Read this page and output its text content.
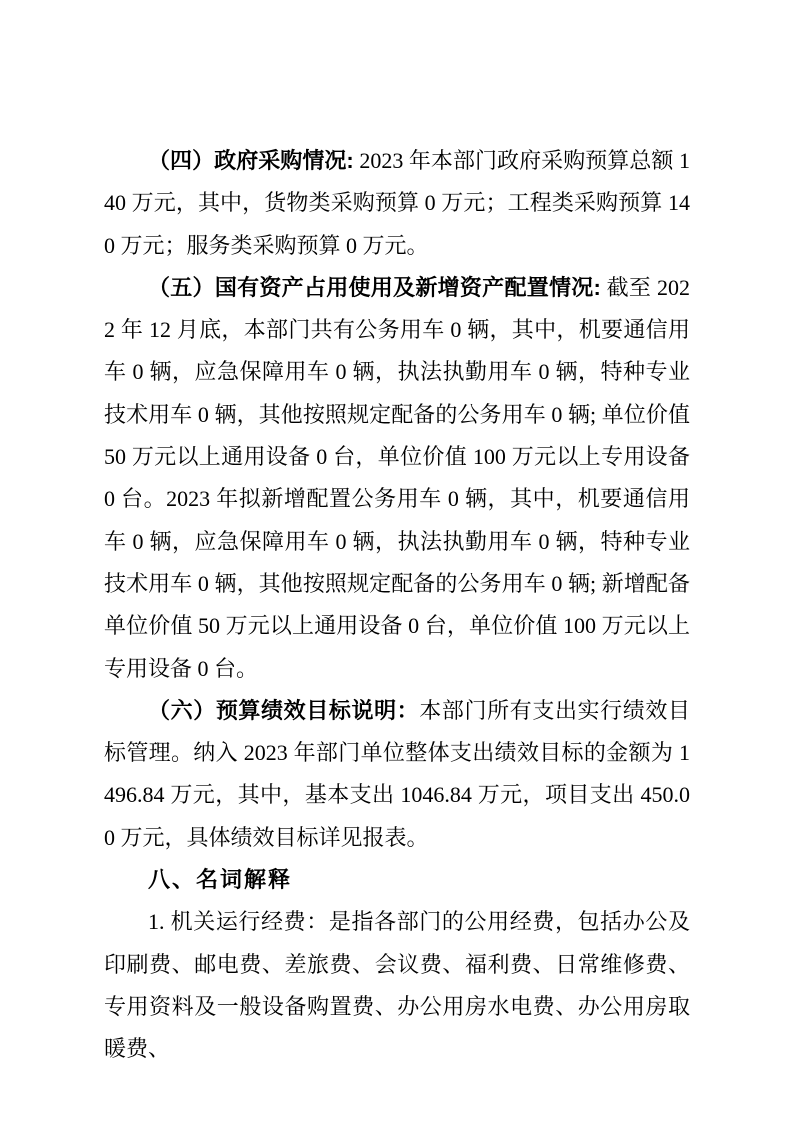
（四）政府采购情况: 2023 年本部门政府采购预算总额 140 万元，其中，货物类采购预算 0 万元；工程类采购预算 140 万元；服务类采购预算 0 万元。

（五）国有资产占用使用及新增资产配置情况: 截至 2022 年 12 月底，本部门共有公务用车 0 辆，其中，机要通信用车 0 辆，应急保障用车 0 辆，执法执勤用车 0 辆，特种专业技术用车 0 辆，其他按照规定配备的公务用车 0 辆; 单位价值 50 万元以上通用设备 0 台，单位价值 100 万元以上专用设备 0 台。2023 年拟新增配置公务用车 0 辆，其中，机要通信用车 0 辆，应急保障用车 0 辆，执法执勤用车 0 辆，特种专业技术用车 0 辆，其他按照规定配备的公务用车 0 辆; 新增配备单位价值 50 万元以上通用设备 0 台，单位价值 100 万元以上专用设备 0 台。

（六）预算绩效目标说明：本部门所有支出实行绩效目标管理。纳入 2023 年部门单位整体支出绩效目标的金额为 1496.84 万元，其中，基本支出 1046.84 万元，项目支出 450.00 万元，具体绩效目标详见报表。

八、名词解释

1. 机关运行经费：是指各部门的公用经费，包括办公及印刷费、邮电费、差旅费、会议费、福利费、日常维修费、专用资料及一般设备购置费、办公用房水电费、办公用房取暖费、
